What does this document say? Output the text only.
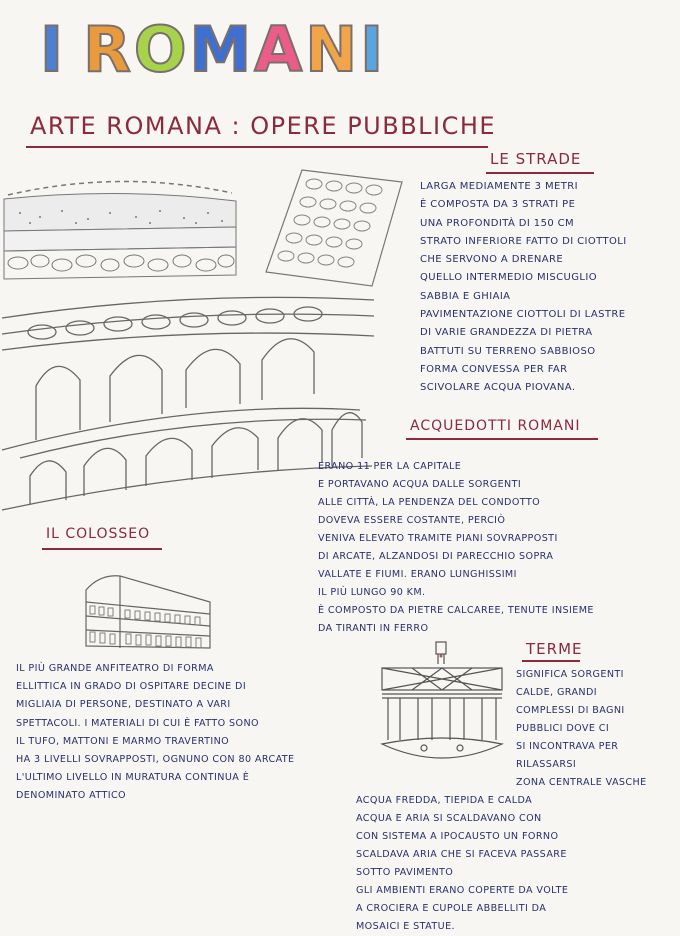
I
R O M A N I
ARTE ROMANA : OPERE PUBBLICHE
LE STRADE
LARGA MEDIAMENTE 3 METRI
È COMPOSTA DA 3 STRATI PE
UNA PROFONDITÀ DI 150 CM
STRATO INFERIORE FATTO DI CIOTTOLI
CHE SERVONO A DRENARE
QUELLO INTERMEDIO MISCUGLIO
SABBIA E GHIAIA
PAVIMENTAZIONE CIOTTOLI DI LASTRE
DI VARIE GRANDEZZA DI PIETRA
BATTUTI SU TERRENO SABBIOSO
FORMA CONVESSA PER FAR
SCIVOLARE ACQUA PIOVANA.
ACQUEDOTTI ROMANI
ERANO 11 PER LA CAPITALE
E PORTAVANO ACQUA DALLE SORGENTI
ALLE CITTÀ, LA PENDENZA DEL CONDOTTO
DOVEVA ESSERE COSTANTE, PERCIÒ
VENIVA ELEVATO TRAMITE PIANI SOVRAPPOSTI
DI ARCATE, ALZANDOSI DI PARECCHIO SOPRA
VALLATE E FIUMI. ERANO LUNGHISSIMI
IL PIÙ LUNGO 90 KM.
È COMPOSTO DA PIETRE CALCAREE, TENUTE INSIEME
DA TIRANTI IN FERRO
IL COLOSSEO
IL PIÙ GRANDE ANFITEATRO DI FORMA
ELLITTICA IN GRADO DI OSPITARE DECINE DI
MIGLIAIA DI PERSONE, DESTINATO A VARI
SPETTACOLI. I MATERIALI DI CUI È FATTO SONO
IL TUFO, MATTONI E MARMO TRAVERTINO
HA 3 LIVELLI SOVRAPPOSTI, OGNUNO CON 80 ARCATE
L'ULTIMO LIVELLO IN MURATURA CONTINUA È
DENOMINATO ATTICO
TERME
SIGNIFICA SORGENTI
CALDE, GRANDI
COMPLESSI DI BAGNI
PUBBLICI DOVE CI
SI INCONTRAVA PER
RILASSARSI
ZONA CENTRALE VASCHE
ACQUA FREDDA, TIEPIDA E CALDA
ACQUA E ARIA SI SCALDAVANO CON
CON SISTEMA A IPOCAUSTO UN FORNO
SCALDAVA ARIA CHE SI FACEVA PASSARE
SOTTO PAVIMENTO
GLI AMBIENTI ERANO COPERTE DA VOLTE
A CROCIERA E CUPOLE ABBELLITI DA
MOSAICI E STATUE.
